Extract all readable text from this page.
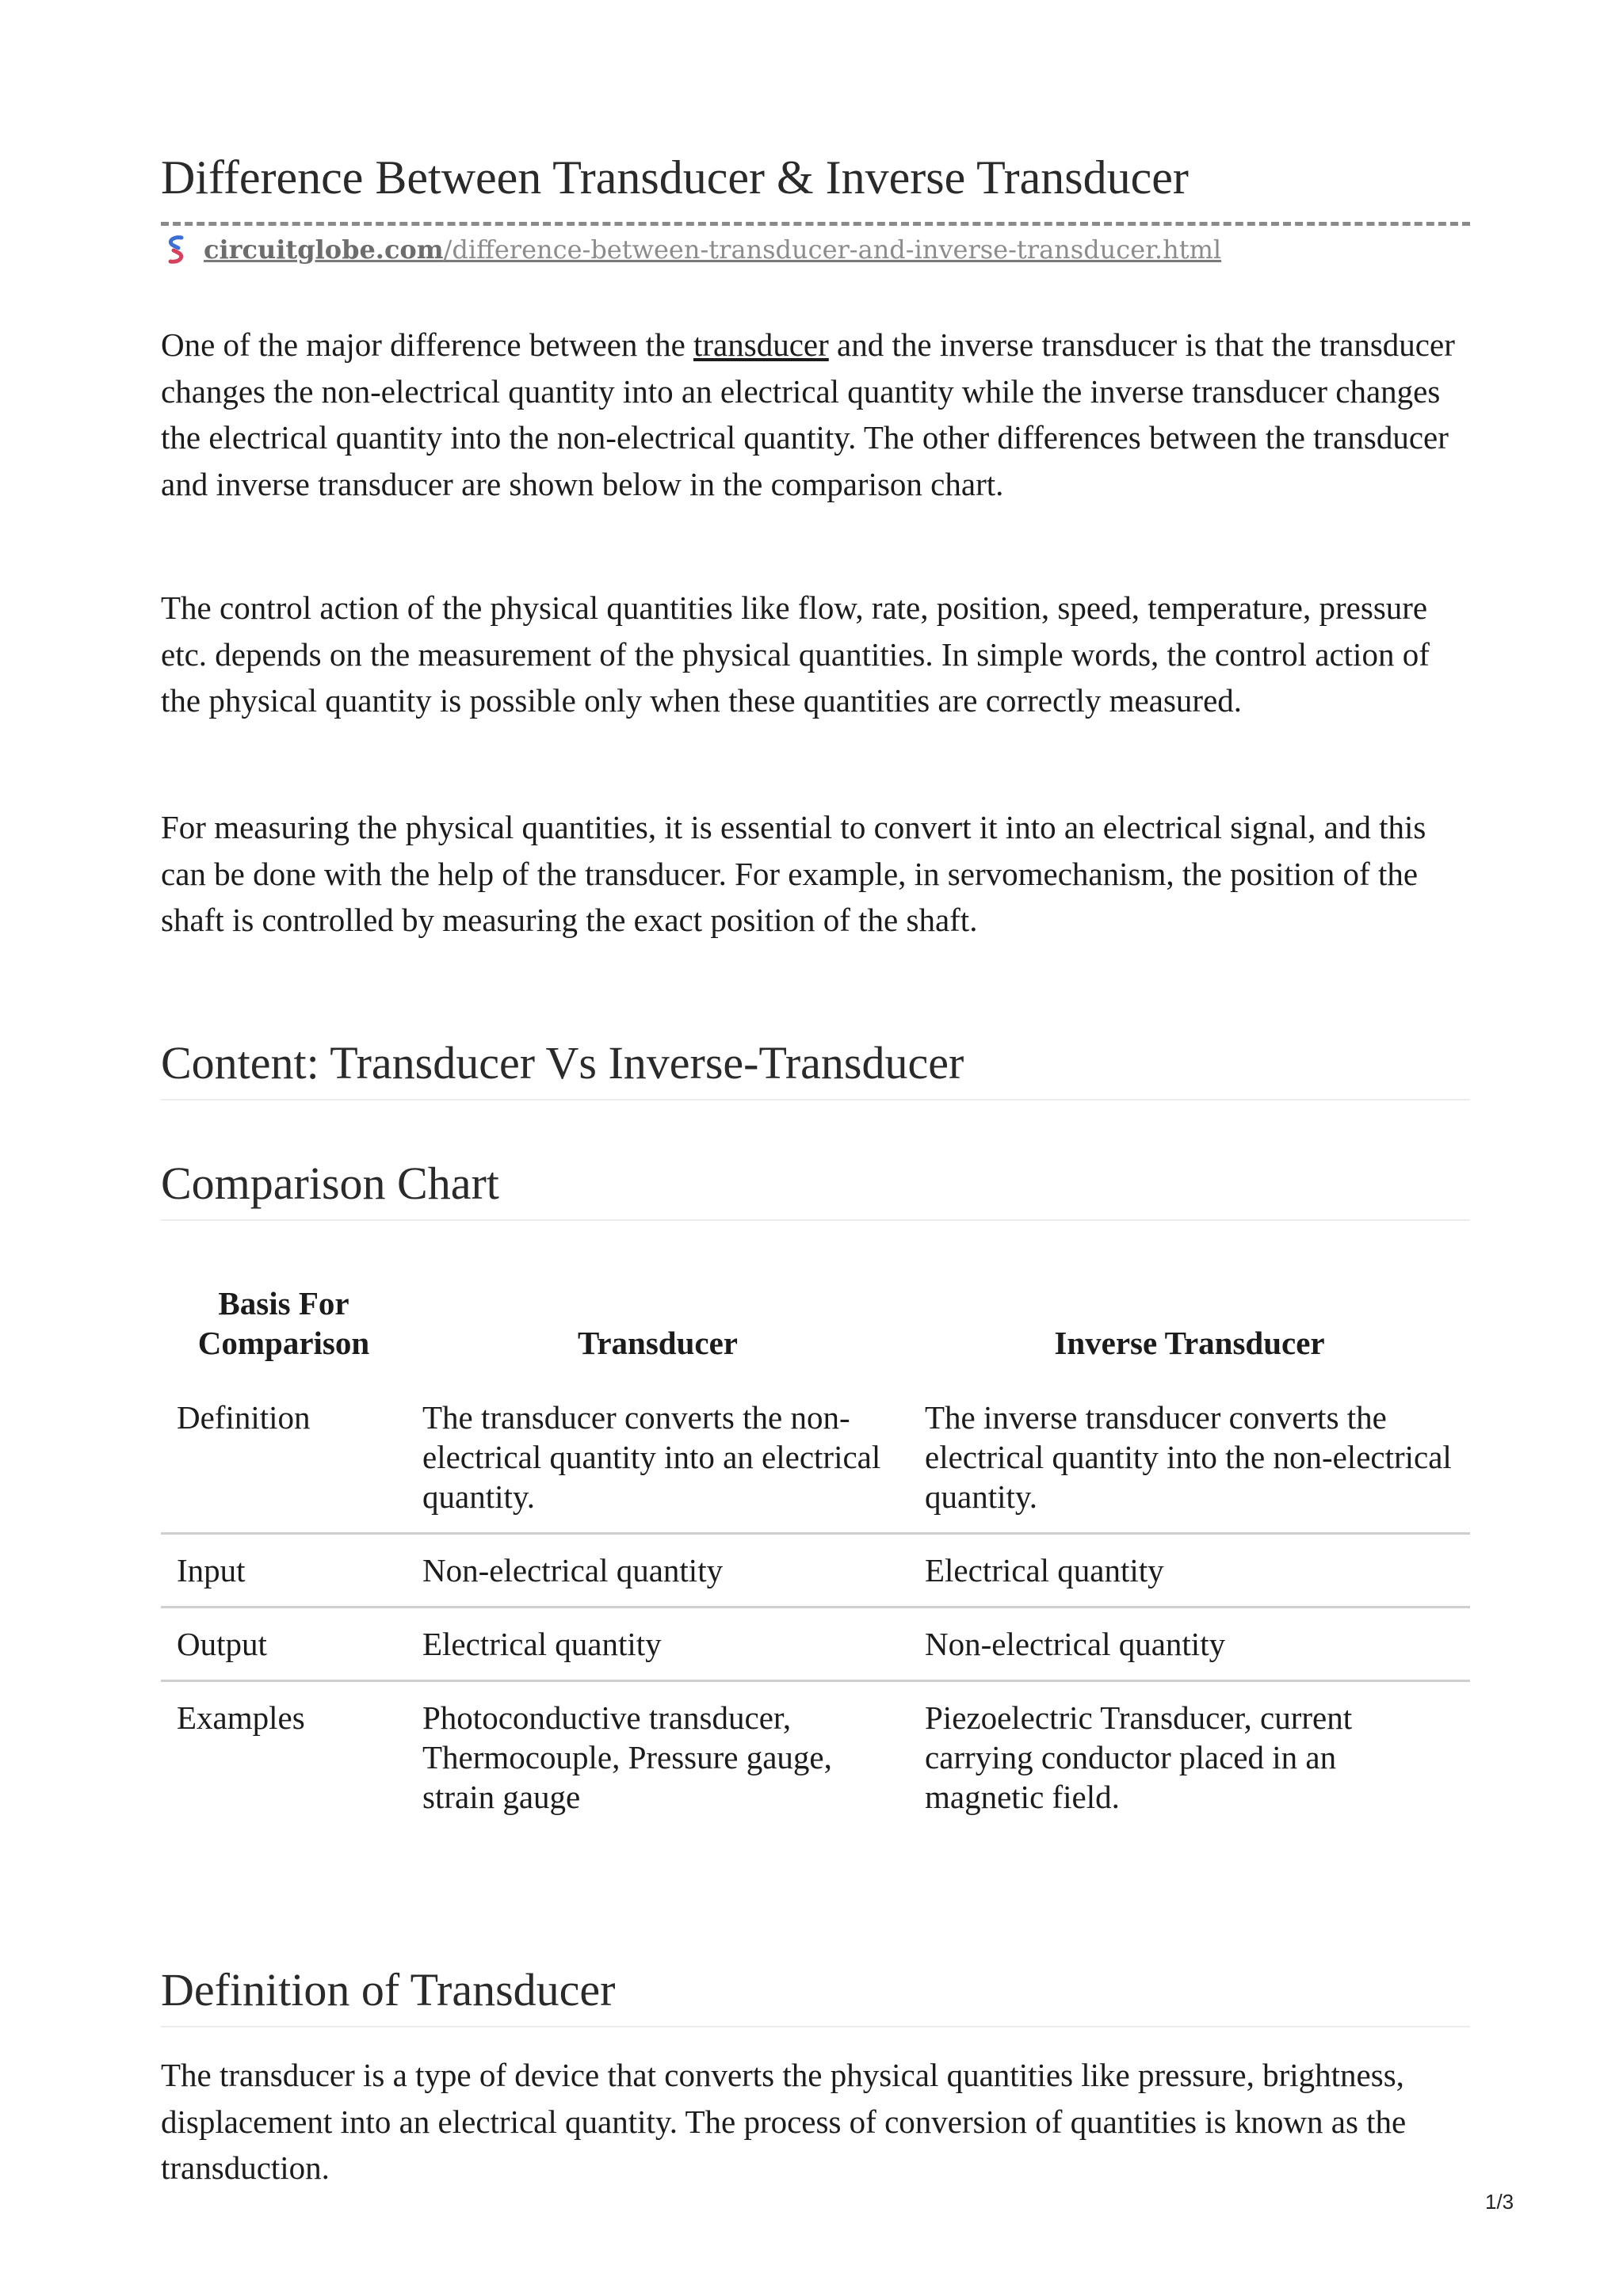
Difference Between Transducer & Inverse Transducer
circuitglobe.com/difference-between-transducer-and-inverse-transducer.html

One of the major difference between the transducer and the inverse transducer is that the transducer changes the non-electrical quantity into an electrical quantity while the inverse transducer changes the electrical quantity into the non-electrical quantity. The other differences between the transducer and inverse transducer are shown below in the comparison chart.

The control action of the physical quantities like flow, rate, position, speed, temperature, pressure etc. depends on the measurement of the physical quantities. In simple words, the control action of the physical quantity is possible only when these quantities are correctly measured.

For measuring the physical quantities, it is essential to convert it into an electrical signal, and this can be done with the help of the transducer. For example, in servomechanism, the position of the shaft is controlled by measuring the exact position of the shaft.

Content: Transducer Vs Inverse-Transducer
Comparison Chart
Basis For Comparison	Transducer	Inverse Transducer
Definition	The transducer converts the non-electrical quantity into an electrical quantity.	The inverse transducer converts the electrical quantity into the non-electrical quantity.
Input	Non-electrical quantity	Electrical quantity
Output	Electrical quantity	Non-electrical quantity
Examples	Photoconductive transducer, Thermocouple, Pressure gauge, strain gauge	Piezoelectric Transducer, current carrying conductor placed in an magnetic field.
Definition of Transducer

The transducer is a type of device that converts the physical quantities like pressure, brightness, displacement into an electrical quantity. The process of conversion of quantities is known as the transduction.

1/3
